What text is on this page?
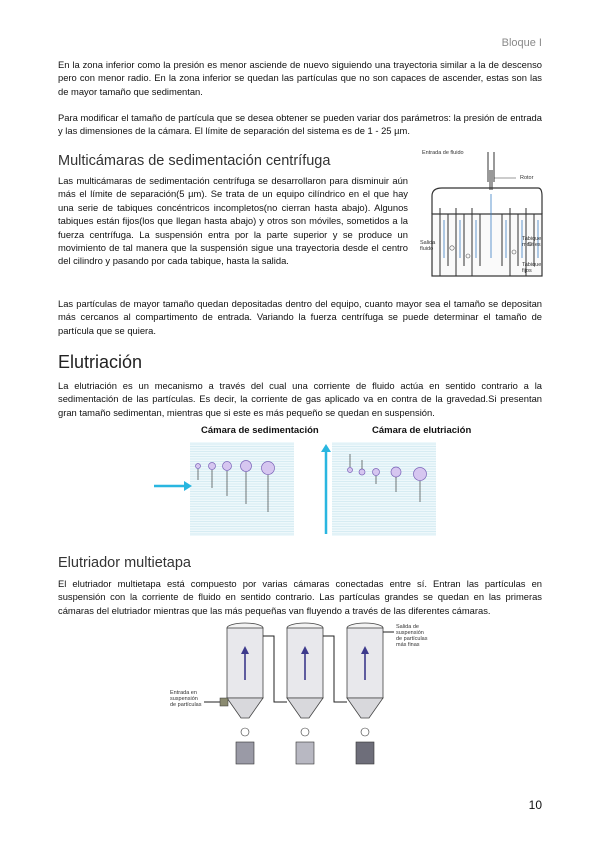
Bloque I

En la zona inferior como la presión es menor asciende de nuevo siguiendo una trayectoria similar a la de descenso pero con menor radio. En la zona inferior se quedan las partículas que no son capaces de ascender, estas son las de mayor tamaño que sedimentan.

Para modificar el tamaño de partícula que se desea obtener se pueden variar dos parámetros: la presión de entrada y las dimensiones de la cámara. El límite de separación del sistema es de 1 - 25 µm.

Multicámaras de sedimentación centrífuga

Las multicámaras de sedimentación centrífuga se desarrollaron para disminuir aún más el límite de separación(5 µm). Se trata de un equipo cilíndrico en el que hay una serie de tabiques concéntricos incompletos(no cierran hasta abajo). Algunos tabiques están fijos(los que llegan hasta abajo) y otros son móviles, sometidos a la fuerza centrífuga. La suspensión entra por la parte superior y se produce un movimiento de tal manera que la suspensión sigue una trayectoria desde el centro del cilindro y pasando por cada tabique, hasta la salida.

Entrada de fluido
Rotor
Salida fluido
Tabique móviles
Tabique fijos

Las partículas de mayor tamaño quedan depositadas dentro del equipo, cuanto mayor sea el tamaño se depositan más cercanos al compartimento de entrada. Variando la fuerza centrífuga se puede determinar el tamaño de partícula que se quiera.

Elutriación

La elutriación es un mecanismo a través del cual una corriente de fluido actúa en sentido contrario a la sedimentación de las partículas. Es decir, la corriente de gas aplicado va en contra de la gravedad.Si presentan gran tamaño sedimentan, mientras que si este es más pequeño se quedan en suspensión.

Cámara de sedimentación	Cámara de elutriación
Elutriador multietapa

El elutriador multietapa está compuesto por varias cámaras conectadas entre sí. Entran las partículas en suspensión con la corriente de fluido en sentido contrario. Las partículas grandes se quedan en las primeras cámaras del elutriador mientras que las más pequeñas van fluyendo a través de las diferentes cámaras.

Entrada en suspensión de partículas
Salida de suspensión de partículas más finas
10
